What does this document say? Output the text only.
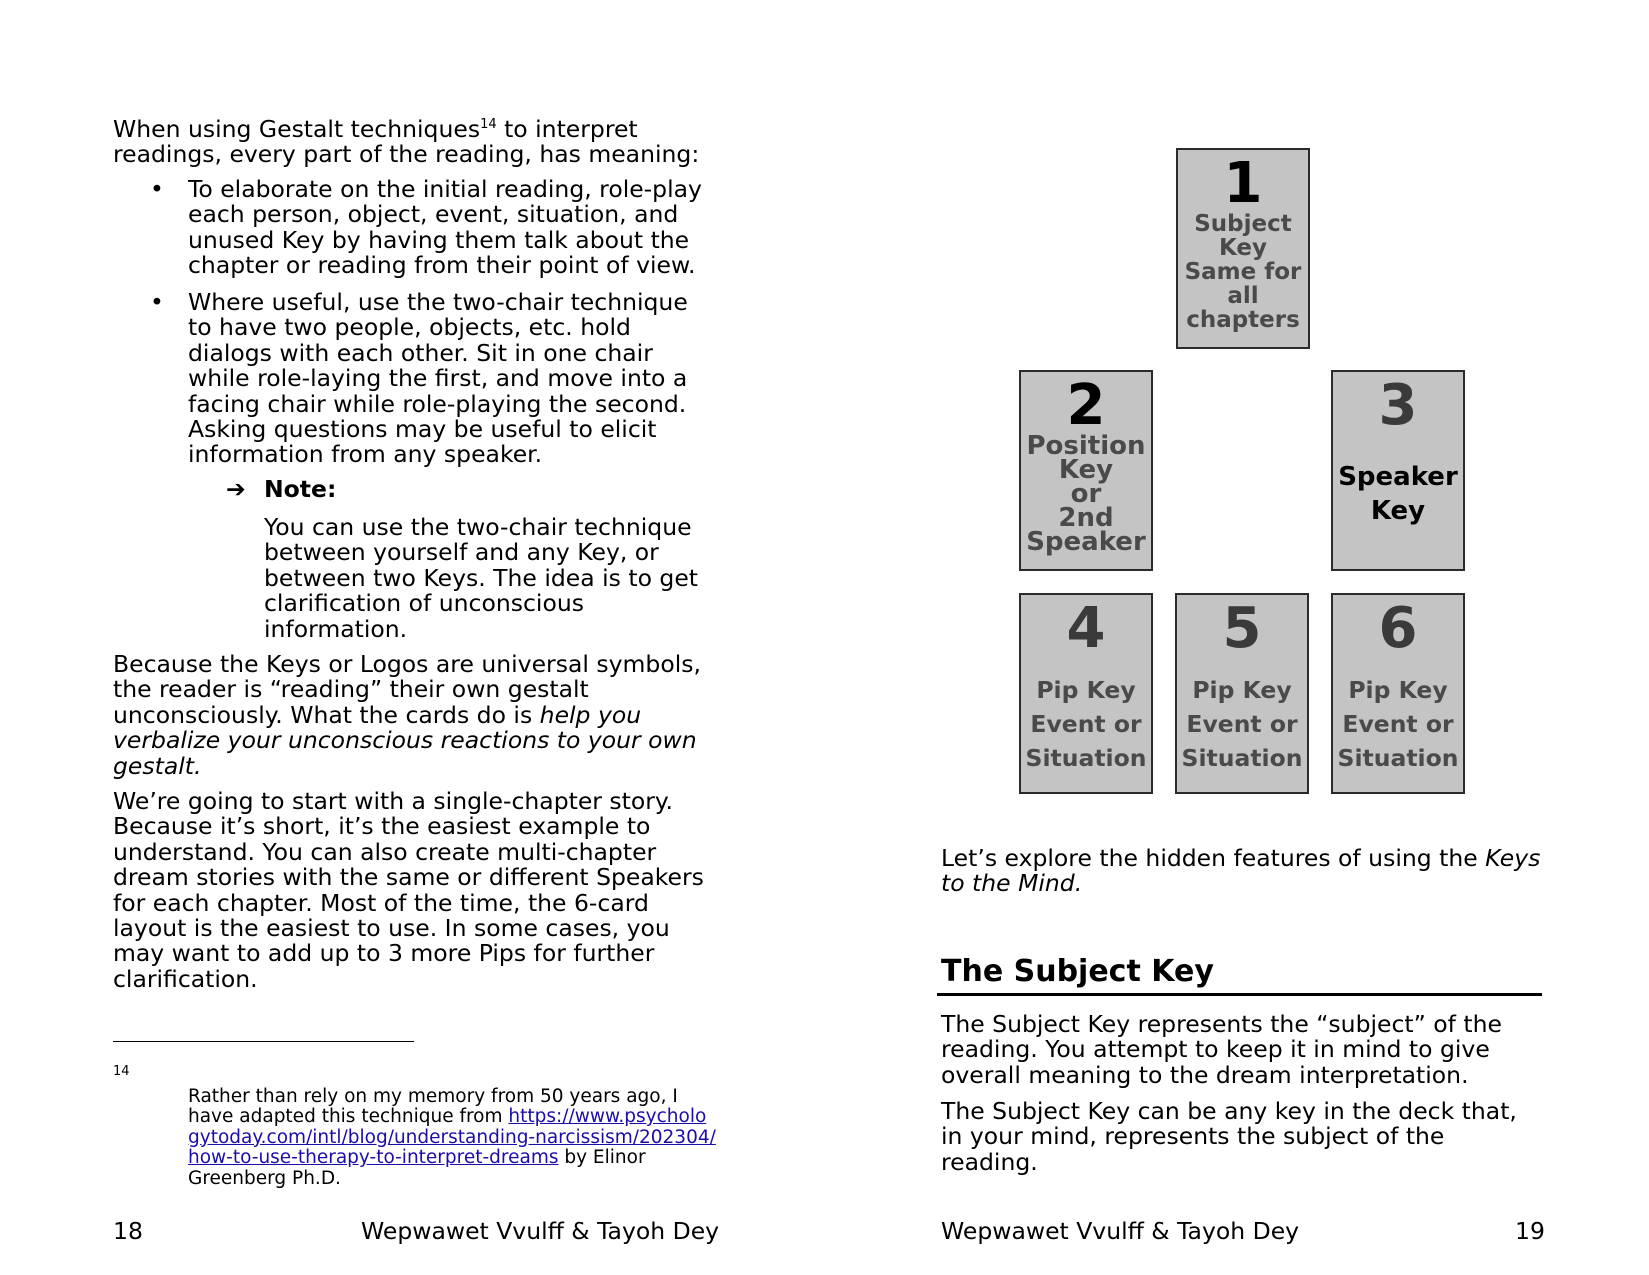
When using Gestalt techniques$^{14}$ to interpret readings, every part of the reading, has meaning:

• To elaborate on the initial reading, role-play each person, object, event, situation, and unused Key by having them talk about the chapter or reading from their point of view.

• Where useful, use the two-chair technique to have two people, objects, etc. hold dialogs with each other. Sit in one chair while role-laying the first, and move into a facing chair while role-playing the second. Asking questions may be useful to elicit information from any speaker.

➔ Note:

You can use the two-chair technique between yourself and any Key, or between two Keys. The idea is to get clarification of unconscious information.

Because the Keys or Logos are universal symbols, the reader is “reading” their own gestalt unconsciously. What the cards do is help you verbalize your unconscious reactions to your own gestalt.

We’re going to start with a single-chapter story. Because it’s short, it’s the easiest example to understand. You can also create multi-chapter dream stories with the same or different Speakers for each chapter. Most of the time, the 6-card layout is the easiest to use. In some cases, you may want to add up to 3 more Pips for further clarification.

14

Rather than rely on my memory from 50 years ago, I have adapted this technique from https://www.psychologytoday.com/intl/blog/understanding-narcissism/202304/how-to-use-therapy-to-interpret-dreams by Elinor Greenberg Ph.D.

18	Wepwawet Vvulff & Tayoh Dey
1
Subject
Key
Same for
all
chapters
2
Position
Key
or
2nd
Speaker
3
Speaker
Key
4
Pip Key
Event or
Situation
5
Pip Key
Event or
Situation
6
Pip Key
Event or
Situation

Let’s explore the hidden features of using the Keys to the Mind.

The Subject Key

The Subject Key represents the “subject” of the reading. You attempt to keep it in mind to give overall meaning to the dream interpretation.

The Subject Key can be any key in the deck that, in your mind, represents the subject of the reading.

Wepwawet Vvulff & Tayoh Dey	19
